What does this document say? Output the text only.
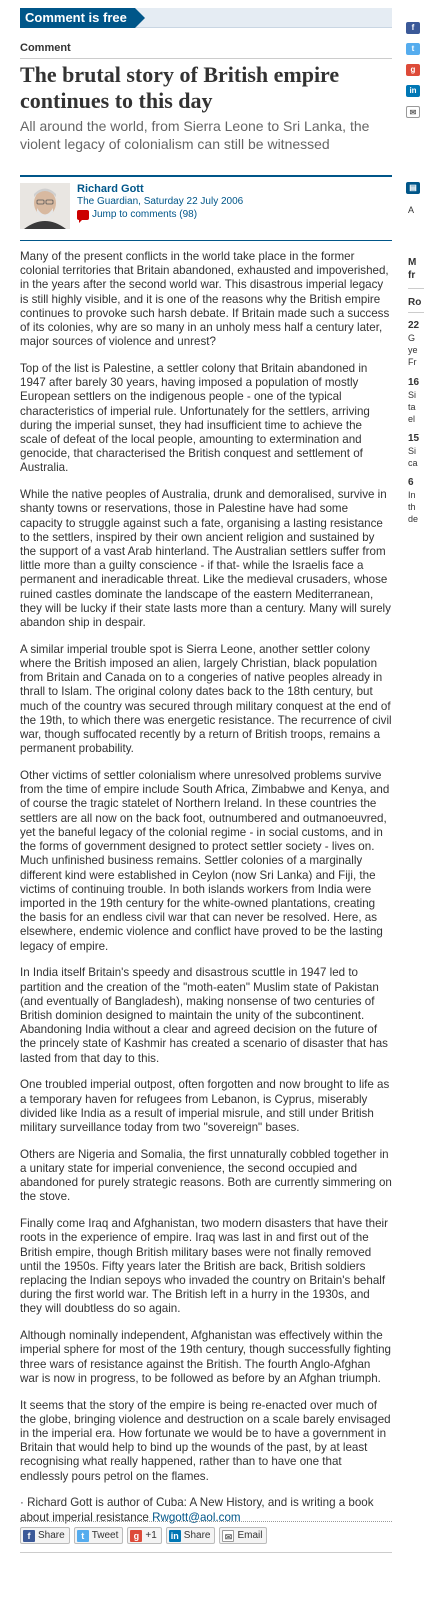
Comment is free
Comment
The brutal story of British empire continues to this day
All around the world, from Sierra Leone to Sri Lanka, the violent legacy of colonialism can still be witnessed
Richard Gott
The Guardian, Saturday 22 July 2006
Jump to comments (98)

Many of the present conflicts in the world take place in the former colonial territories that Britain abandoned, exhausted and impoverished, in the years after the second world war. This disastrous imperial legacy is still highly visible, and it is one of the reasons why the British empire continues to provoke such harsh debate. If Britain made such a success of its colonies, why are so many in an unholy mess half a century later, major sources of violence and unrest?

Top of the list is Palestine, a settler colony that Britain abandoned in 1947 after barely 30 years, having imposed a population of mostly European settlers on the indigenous people - one of the typical characteristics of imperial rule. Unfortunately for the settlers, arriving during the imperial sunset, they had insufficient time to achieve the scale of defeat of the local people, amounting to extermination and genocide, that characterised the British conquest and settlement of Australia.

While the native peoples of Australia, drunk and demoralised, survive in shanty towns or reservations, those in Palestine have had some capacity to struggle against such a fate, organising a lasting resistance to the settlers, inspired by their own ancient religion and sustained by the support of a vast Arab hinterland. The Australian settlers suffer from little more than a guilty conscience - if that- while the Israelis face a permanent and ineradicable threat. Like the medieval crusaders, whose ruined castles dominate the landscape of the eastern Mediterranean, they will be lucky if their state lasts more than a century. Many will surely abandon ship in despair.

A similar imperial trouble spot is Sierra Leone, another settler colony where the British imposed an alien, largely Christian, black population from Britain and Canada on to a congeries of native peoples already in thrall to Islam. The original colony dates back to the 18th century, but much of the country was secured through military conquest at the end of the 19th, to which there was energetic resistance. The recurrence of civil war, though suffocated recently by a return of British troops, remains a permanent probability.

Other victims of settler colonialism where unresolved problems survive from the time of empire include South Africa, Zimbabwe and Kenya, and of course the tragic statelet of Northern Ireland. In these countries the settlers are all now on the back foot, outnumbered and outmanoeuvred, yet the baneful legacy of the colonial regime - in social customs, and in the forms of government designed to protect settler society - lives on. Much unfinished business remains. Settler colonies of a marginally different kind were established in Ceylon (now Sri Lanka) and Fiji, the victims of continuing trouble. In both islands workers from India were imported in the 19th century for the white-owned plantations, creating the basis for an endless civil war that can never be resolved. Here, as elsewhere, endemic violence and conflict have proved to be the lasting legacy of empire.

In India itself Britain's speedy and disastrous scuttle in 1947 led to partition and the creation of the "moth-eaten" Muslim state of Pakistan (and eventually of Bangladesh), making nonsense of two centuries of British dominion designed to maintain the unity of the subcontinent. Abandoning India without a clear and agreed decision on the future of the princely state of Kashmir has created a scenario of disaster that has lasted from that day to this.

One troubled imperial outpost, often forgotten and now brought to life as a temporary haven for refugees from Lebanon, is Cyprus, miserably divided like India as a result of imperial misrule, and still under British military surveillance today from two "sovereign" bases.

Others are Nigeria and Somalia, the first unnaturally cobbled together in a unitary state for imperial convenience, the second occupied and abandoned for purely strategic reasons. Both are currently simmering on the stove.

Finally come Iraq and Afghanistan, two modern disasters that have their roots in the experience of empire. Iraq was last in and first out of the British empire, though British military bases were not finally removed until the 1950s. Fifty years later the British are back, British soldiers replacing the Indian sepoys who invaded the country on Britain's behalf during the first world war. The British left in a hurry in the 1930s, and they will doubtless do so again.

Although nominally independent, Afghanistan was effectively within the imperial sphere for most of the 19th century, though successfully fighting three wars of resistance against the British. The fourth Anglo-Afghan war is now in progress, to be followed as before by an Afghan triumph.

It seems that the story of the empire is being re-enacted over much of the globe, bringing violence and destruction on a scale barely envisaged in the imperial era. How fortunate we would be to have a government in Britain that would help to bind up the wounds of the past, by at least recognising what really happened, rather than to have one that endlessly pours petrol on the flames.

· Richard Gott is author of Cuba: A New History, and is writing a book about imperial resistance Rwgott@aol.com

f Share	t Tweet	g +1 in Share ✉ Email
f
t
g
in
✉
▤
A
M
fr
Ro
22
G
ye
Fr
16
Si
ta
el
15
Si
ca
6
In
th
de
